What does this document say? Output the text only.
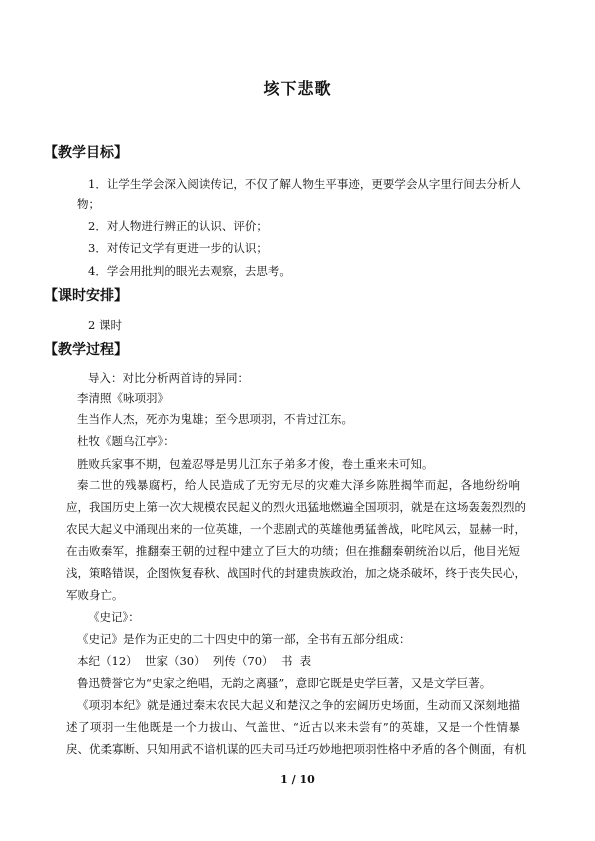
垓下悲歌
【教学目标】
1．让学生学会深入阅读传记，不仅了解人物生平事迹，更要学会从字里行间去分析人
物；
2．对人物进行辨正的认识、评价；
3．对传记文学有更进一步的认识；
4．学会用批判的眼光去观察，去思考。
【课时安排】
2 课时
【教学过程】
导入：对比分析两首诗的异同：
李清照《咏项羽》
生当作人杰，死亦为鬼雄；至今思项羽，不肯过江东。
杜牧《题乌江亭》：
胜败兵家事不期，包羞忍辱是男儿江东子弟多才俊，卷土重来未可知。
秦二世的残暴腐朽，给人民造成了无穷无尽的灾难大泽乡陈胜揭竿而起，各地纷纷响
应，我国历史上第一次大规模农民起义的烈火迅猛地燃遍全国项羽，就是在这场轰轰烈烈的
农民大起义中涌现出来的一位英雄，一个悲剧式的英雄他勇猛善战，叱咤风云，显赫一时，
在击败秦军，推翻秦王朝的过程中建立了巨大的功绩；但在推翻秦朝统治以后，他目光短
浅，策略错误，企图恢复春秋、战国时代的封建贵族政治，加之烧杀破坏，终于丧失民心，
军败身亡。
《史记》：
《史记》是作为正史的二十四史中的第一部，全书有五部分组成：
本纪（12）  世家（30）  列传（70）  书  表
鲁迅赞誉它为“史家之绝唱，无韵之离骚”，意即它既是史学巨著，又是文学巨著。
《项羽本纪》就是通过秦末农民大起义和楚汉之争的宏阔历史场面，生动而又深刻地描
述了项羽一生他既是一个力拔山、气盖世、“近古以来未尝有”的英雄，又是一个性情暴
戾、优柔寡断、只知用武不谙机谋的匹夫司马迁巧妙地把项羽性格中矛盾的各个侧面，有机
1 / 10
